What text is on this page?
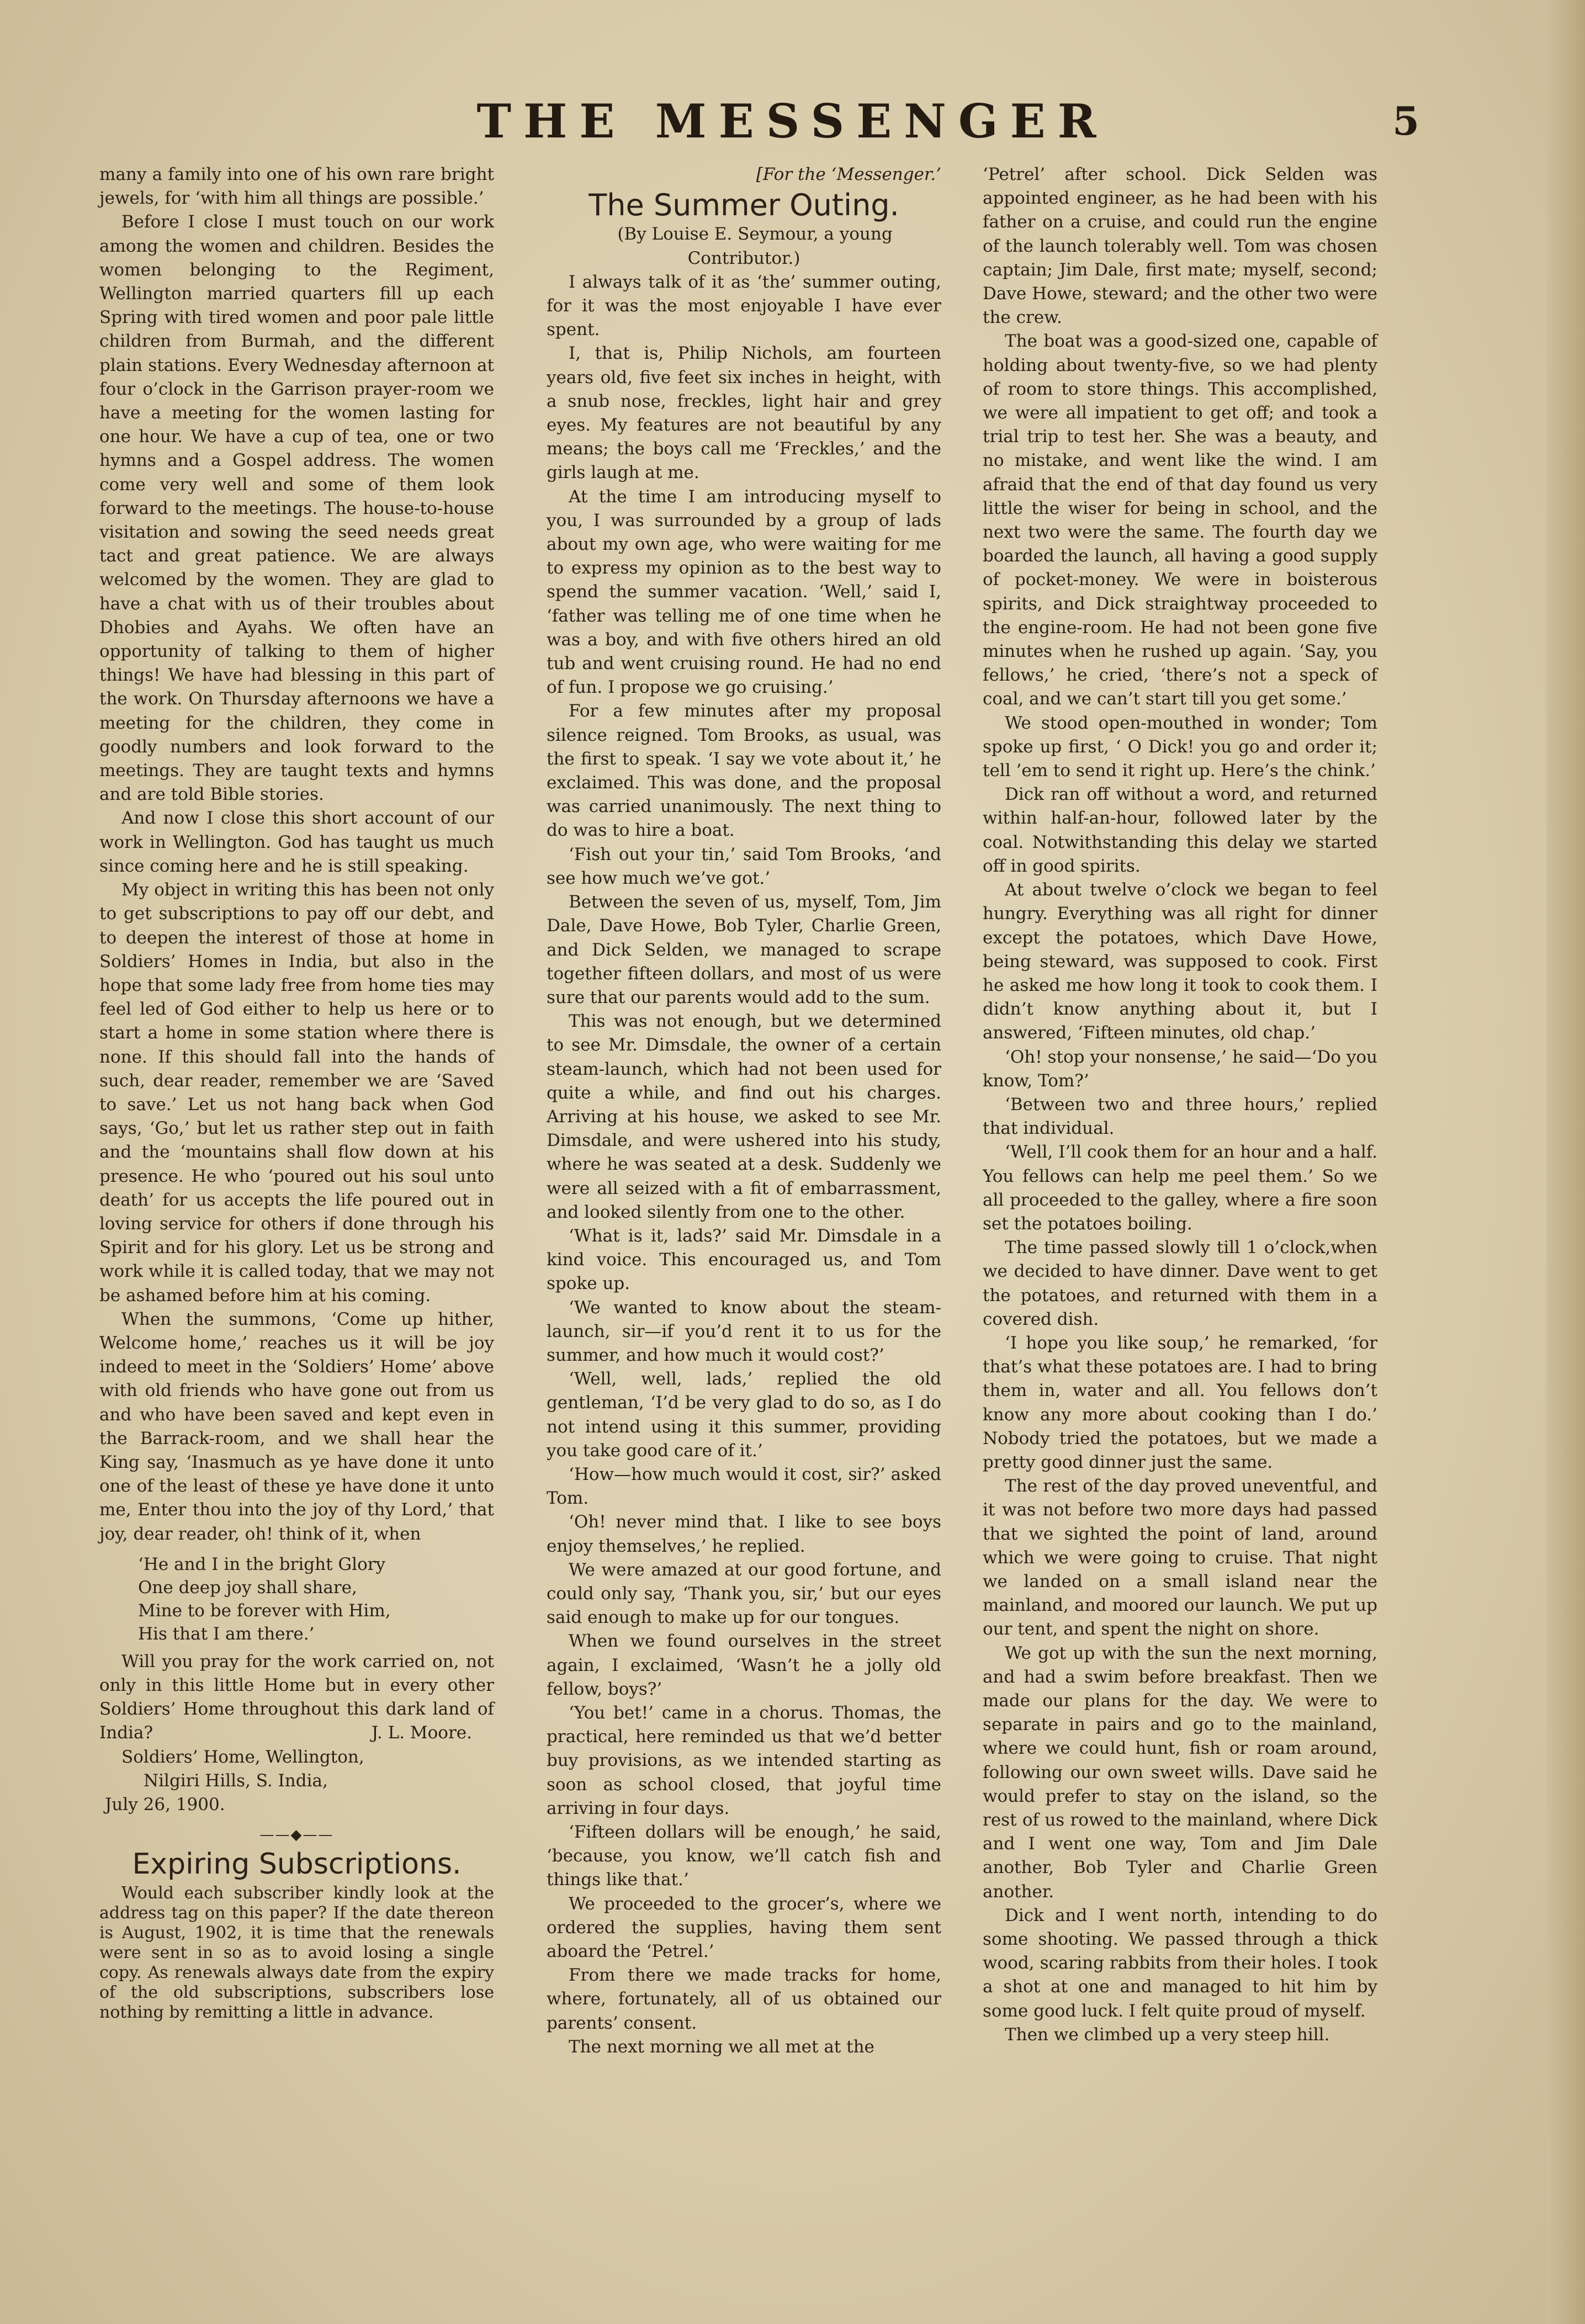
THE MESSENGER	5

many a family into one of his own rare bright jewels, for ‘with him all things are possible.’

Before I close I must touch on our work among the women and children. Besides the women belonging to the Regiment, Wellington married quarters fill up each Spring with tired women and poor pale little children from Burmah, and the different plain stations. Every Wednesday afternoon at four o’clock in the Garrison prayer-room we have a meeting for the women lasting for one hour. We have a cup of tea, one or two hymns and a Gospel address. The women come very well and some of them look forward to the meetings. The house-to-house visitation and sowing the seed needs great tact and great patience. We are always welcomed by the women. They are glad to have a chat with us of their troubles about Dhobies and Ayahs. We often have an opportunity of talking to them of higher things! We have had blessing in this part of the work. On Thursday afternoons we have a meeting for the children, they come in goodly numbers and look forward to the meetings. They are taught texts and hymns and are told Bible stories.

And now I close this short account of our work in Wellington. God has taught us much since coming here and he is still speaking.

My object in writing this has been not only to get subscriptions to pay off our debt, and to deepen the interest of those at home in Soldiers’ Homes in India, but also in the hope that some lady free from home ties may feel led of God either to help us here or to start a home in some station where there is none. If this should fall into the hands of such, dear reader, remember we are ‘Saved to save.’ Let us not hang back when God says, ‘Go,’ but let us rather step out in faith and the ‘mountains shall flow down at his presence. He who ‘poured out his soul unto death’ for us accepts the life poured out in loving service for others if done through his Spirit and for his glory. Let us be strong and work while it is called today, that we may not be ashamed before him at his coming.

When the summons, ‘Come up hither, Welcome home,’ reaches us it will be joy indeed to meet in the ‘Soldiers’ Home’ above with old friends who have gone out from us and who have been saved and kept even in the Barrack-room, and we shall hear the King say, ‘Inasmuch as ye have done it unto one of the least of these ye have done it unto me, Enter thou into the joy of thy Lord,’ that joy, dear reader, oh! think of it, when

‘He and I in the bright Glory
One deep joy shall share,
Mine to be forever with Him,
His that I am there.’

Will you pray for the work carried on, not only in this little Home but in every other Soldiers’ Home throughout this dark land of India?	J. L. Moore.

Soldiers’ Home, Wellington,

Nilgiri Hills, S. India,

July 26, 1900.

——◆——
Expiring Subscriptions.

Would each subscriber kindly look at the address tag on this paper? If the date thereon is August, 1902, it is time that the renewals were sent in so as to avoid losing a single copy. As renewals always date from the expiry of the old subscriptions, subscribers lose nothing by remitting a little in advance.

[For the ‘Messenger.’

The Summer Outing.

(By Louise E. Seymour, a young Contributor.)

I always talk of it as ‘the’ summer outing, for it was the most enjoyable I have ever spent.

I, that is, Philip Nichols, am fourteen years old, five feet six inches in height, with a snub nose, freckles, light hair and grey eyes. My features are not beautiful by any means; the boys call me ‘Freckles,’ and the girls laugh at me.

At the time I am introducing myself to you, I was surrounded by a group of lads about my own age, who were waiting for me to express my opinion as to the best way to spend the summer vacation. ‘Well,’ said I, ‘father was telling me of one time when he was a boy, and with five others hired an old tub and went cruising round. He had no end of fun. I propose we go cruising.’

For a few minutes after my proposal silence reigned. Tom Brooks, as usual, was the first to speak. ‘I say we vote about it,’ he exclaimed. This was done, and the proposal was carried unanimously. The next thing to do was to hire a boat.

‘Fish out your tin,’ said Tom Brooks, ‘and see how much we’ve got.’

Between the seven of us, myself, Tom, Jim Dale, Dave Howe, Bob Tyler, Charlie Green, and Dick Selden, we managed to scrape together fifteen dollars, and most of us were sure that our parents would add to the sum.

This was not enough, but we determined to see Mr. Dimsdale, the owner of a certain steam-launch, which had not been used for quite a while, and find out his charges. Arriving at his house, we asked to see Mr. Dimsdale, and were ushered into his study, where he was seated at a desk. Suddenly we were all seized with a fit of embarrassment, and looked silently from one to the other.

‘What is it, lads?’ said Mr. Dimsdale in a kind voice. This encouraged us, and Tom spoke up.

‘We wanted to know about the steam-launch, sir—if you’d rent it to us for the summer, and how much it would cost?’

‘Well, well, lads,’ replied the old gentleman, ‘I’d be very glad to do so, as I do not intend using it this summer, providing you take good care of it.’

‘How—how much would it cost, sir?’ asked Tom.

‘Oh! never mind that. I like to see boys enjoy themselves,’ he replied.

We were amazed at our good fortune, and could only say, ‘Thank you, sir,’ but our eyes said enough to make up for our tongues.

When we found ourselves in the street again, I exclaimed, ‘Wasn’t he a jolly old fellow, boys?’

‘You bet!’ came in a chorus. Thomas, the practical, here reminded us that we’d better buy provisions, as we intended starting as soon as school closed, that joyful time arriving in four days.

‘Fifteen dollars will be enough,’ he said, ‘because, you know, we’ll catch fish and things like that.’

We proceeded to the grocer’s, where we ordered the supplies, having them sent aboard the ‘Petrel.’

From there we made tracks for home, where, fortunately, all of us obtained our parents’ consent.

The next morning we all met at the

‘Petrel’ after school. Dick Selden was appointed engineer, as he had been with his father on a cruise, and could run the engine of the launch tolerably well. Tom was chosen captain; Jim Dale, first mate; myself, second; Dave Howe, steward; and the other two were the crew.

The boat was a good-sized one, capable of holding about twenty-five, so we had plenty of room to store things. This accomplished, we were all impatient to get off; and took a trial trip to test her. She was a beauty, and no mistake, and went like the wind. I am afraid that the end of that day found us very little the wiser for being in school, and the next two were the same. The fourth day we boarded the launch, all having a good supply of pocket-money. We were in boisterous spirits, and Dick straightway proceeded to the engine-room. He had not been gone five minutes when he rushed up again. ‘Say, you fellows,’ he cried, ‘there’s not a speck of coal, and we can’t start till you get some.’

We stood open-mouthed in wonder; Tom spoke up first, ‘ O Dick! you go and order it; tell ’em to send it right up. Here’s the chink.’

Dick ran off without a word, and returned within half-an-hour, followed later by the coal. Notwithstanding this delay we started off in good spirits.

At about twelve o’clock we began to feel hungry. Everything was all right for dinner except the potatoes, which Dave Howe, being steward, was supposed to cook. First he asked me how long it took to cook them. I didn’t know anything about it, but I answered, ‘Fifteen minutes, old chap.’

‘Oh! stop your nonsense,’ he said—‘Do you know, Tom?’

‘Between two and three hours,’ replied that individual.

‘Well, I’ll cook them for an hour and a half. You fellows can help me peel them.’ So we all proceeded to the galley, where a fire soon set the potatoes boiling.

The time passed slowly till 1 o’clock,when we decided to have dinner. Dave went to get the potatoes, and returned with them in a covered dish.

‘I hope you like soup,’ he remarked, ‘for that’s what these potatoes are. I had to bring them in, water and all. You fellows don’t know any more about cooking than I do.’ Nobody tried the potatoes, but we made a pretty good dinner just the same.

The rest of the day proved uneventful, and it was not before two more days had passed that we sighted the point of land, around which we were going to cruise. That night we landed on a small island near the mainland, and moored our launch. We put up our tent, and spent the night on shore.

We got up with the sun the next morning, and had a swim before breakfast. Then we made our plans for the day. We were to separate in pairs and go to the mainland, where we could hunt, fish or roam around, following our own sweet wills. Dave said he would prefer to stay on the island, so the rest of us rowed to the mainland, where Dick and I went one way, Tom and Jim Dale another, Bob Tyler and Charlie Green another.

Dick and I went north, intending to do some shooting. We passed through a thick wood, scaring rabbits from their holes. I took a shot at one and managed to hit him by some good luck. I felt quite proud of myself.

Then we climbed up a very steep hill.
